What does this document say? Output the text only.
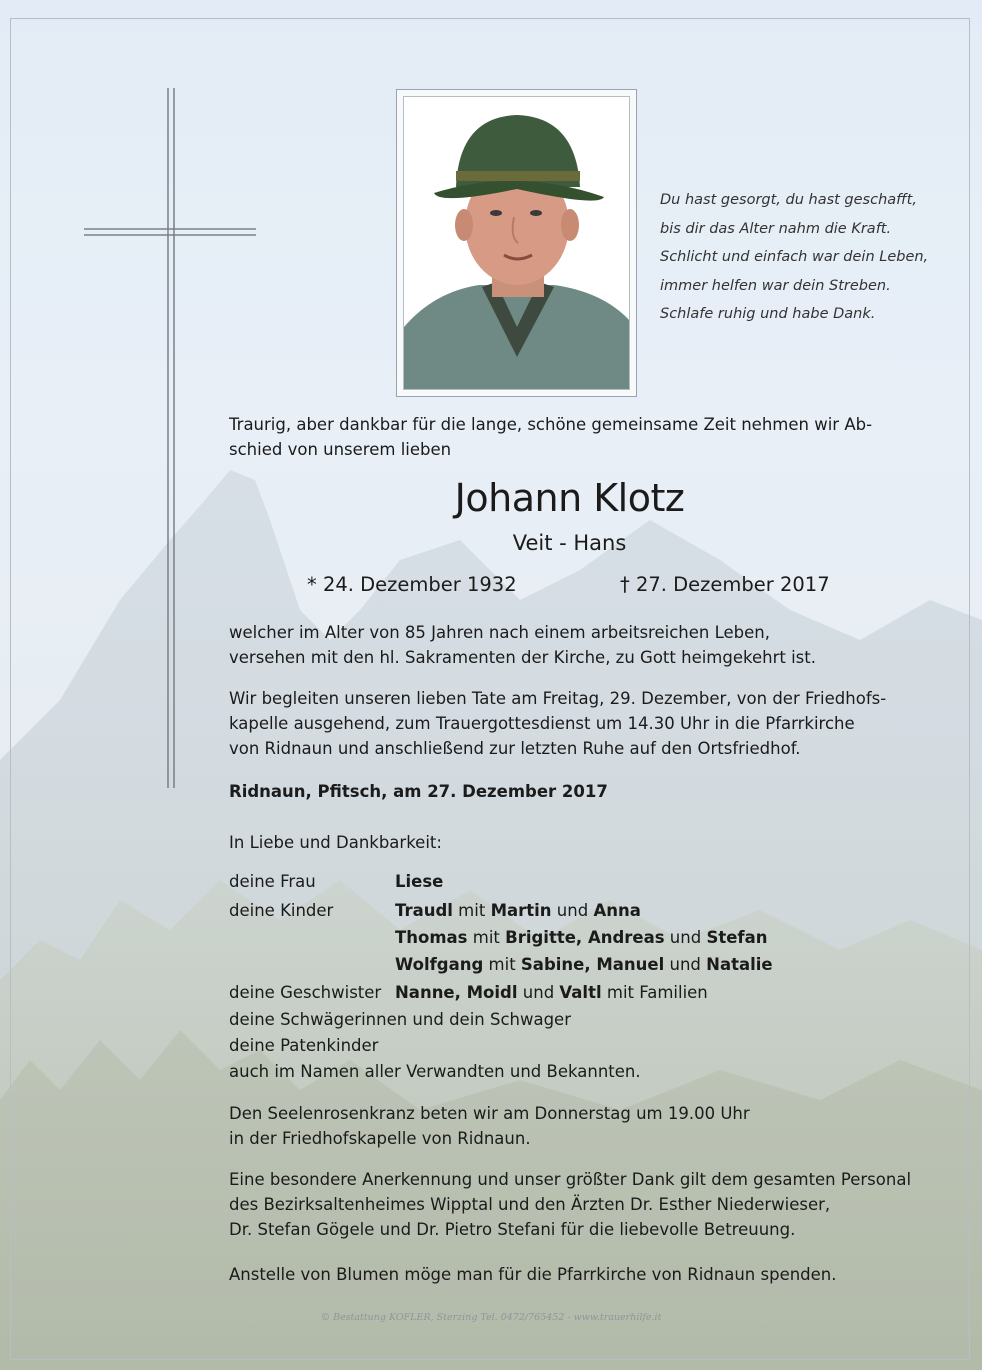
Du hast gesorgt, du hast geschafft,
bis dir das Alter nahm die Kraft.
Schlicht und einfach war dein Leben,
immer helfen war dein Streben.
Schlafe ruhig und habe Dank.
Traurig, aber dankbar für die lange, schöne gemeinsame Zeit nehmen wir Ab-
schied von unserem lieben
Johann Klotz
Veit - Hans
* 24. Dezember 1932	† 27. Dezember 2017
welcher im Alter von 85 Jahren nach einem arbeitsreichen Leben,
versehen mit den hl. Sakramenten der Kirche, zu Gott heimgekehrt ist.
Wir begleiten unseren lieben Tate am Freitag, 29. Dezember, von der Friedhofs-
kapelle ausgehend, zum Trauergottesdienst um 14.30 Uhr in die Pfarrkirche
von Ridnaun und anschließend zur letzten Ruhe auf den Ortsfriedhof.
Ridnaun, Pfitsch, am 27. Dezember 2017
In Liebe und Dankbarkeit:
deine Frau	Liese
deine Kinder	Traudl mit Martin und Anna
Thomas mit Brigitte, Andreas und Stefan
Wolfgang mit Sabine, Manuel und Natalie
deine Geschwister Nanne, Moidl und Valtl mit Familien
deine Schwägerinnen und dein Schwager
deine Patenkinder
auch im Namen aller Verwandten und Bekannten.
Den Seelenrosenkranz beten wir am Donnerstag um 19.00 Uhr
in der Friedhofskapelle von Ridnaun.
Eine besondere Anerkennung und unser größter Dank gilt dem gesamten Personal
des Bezirksaltenheimes Wipptal und den Ärzten Dr. Esther Niederwieser,
Dr. Stefan Gögele und Dr. Pietro Stefani für die liebevolle Betreuung.
Anstelle von Blumen möge man für die Pfarrkirche von Ridnaun spenden.
© Bestattung KOFLER, Sterzing Tel. 0472/765452 - www.trauerhilfe.it
